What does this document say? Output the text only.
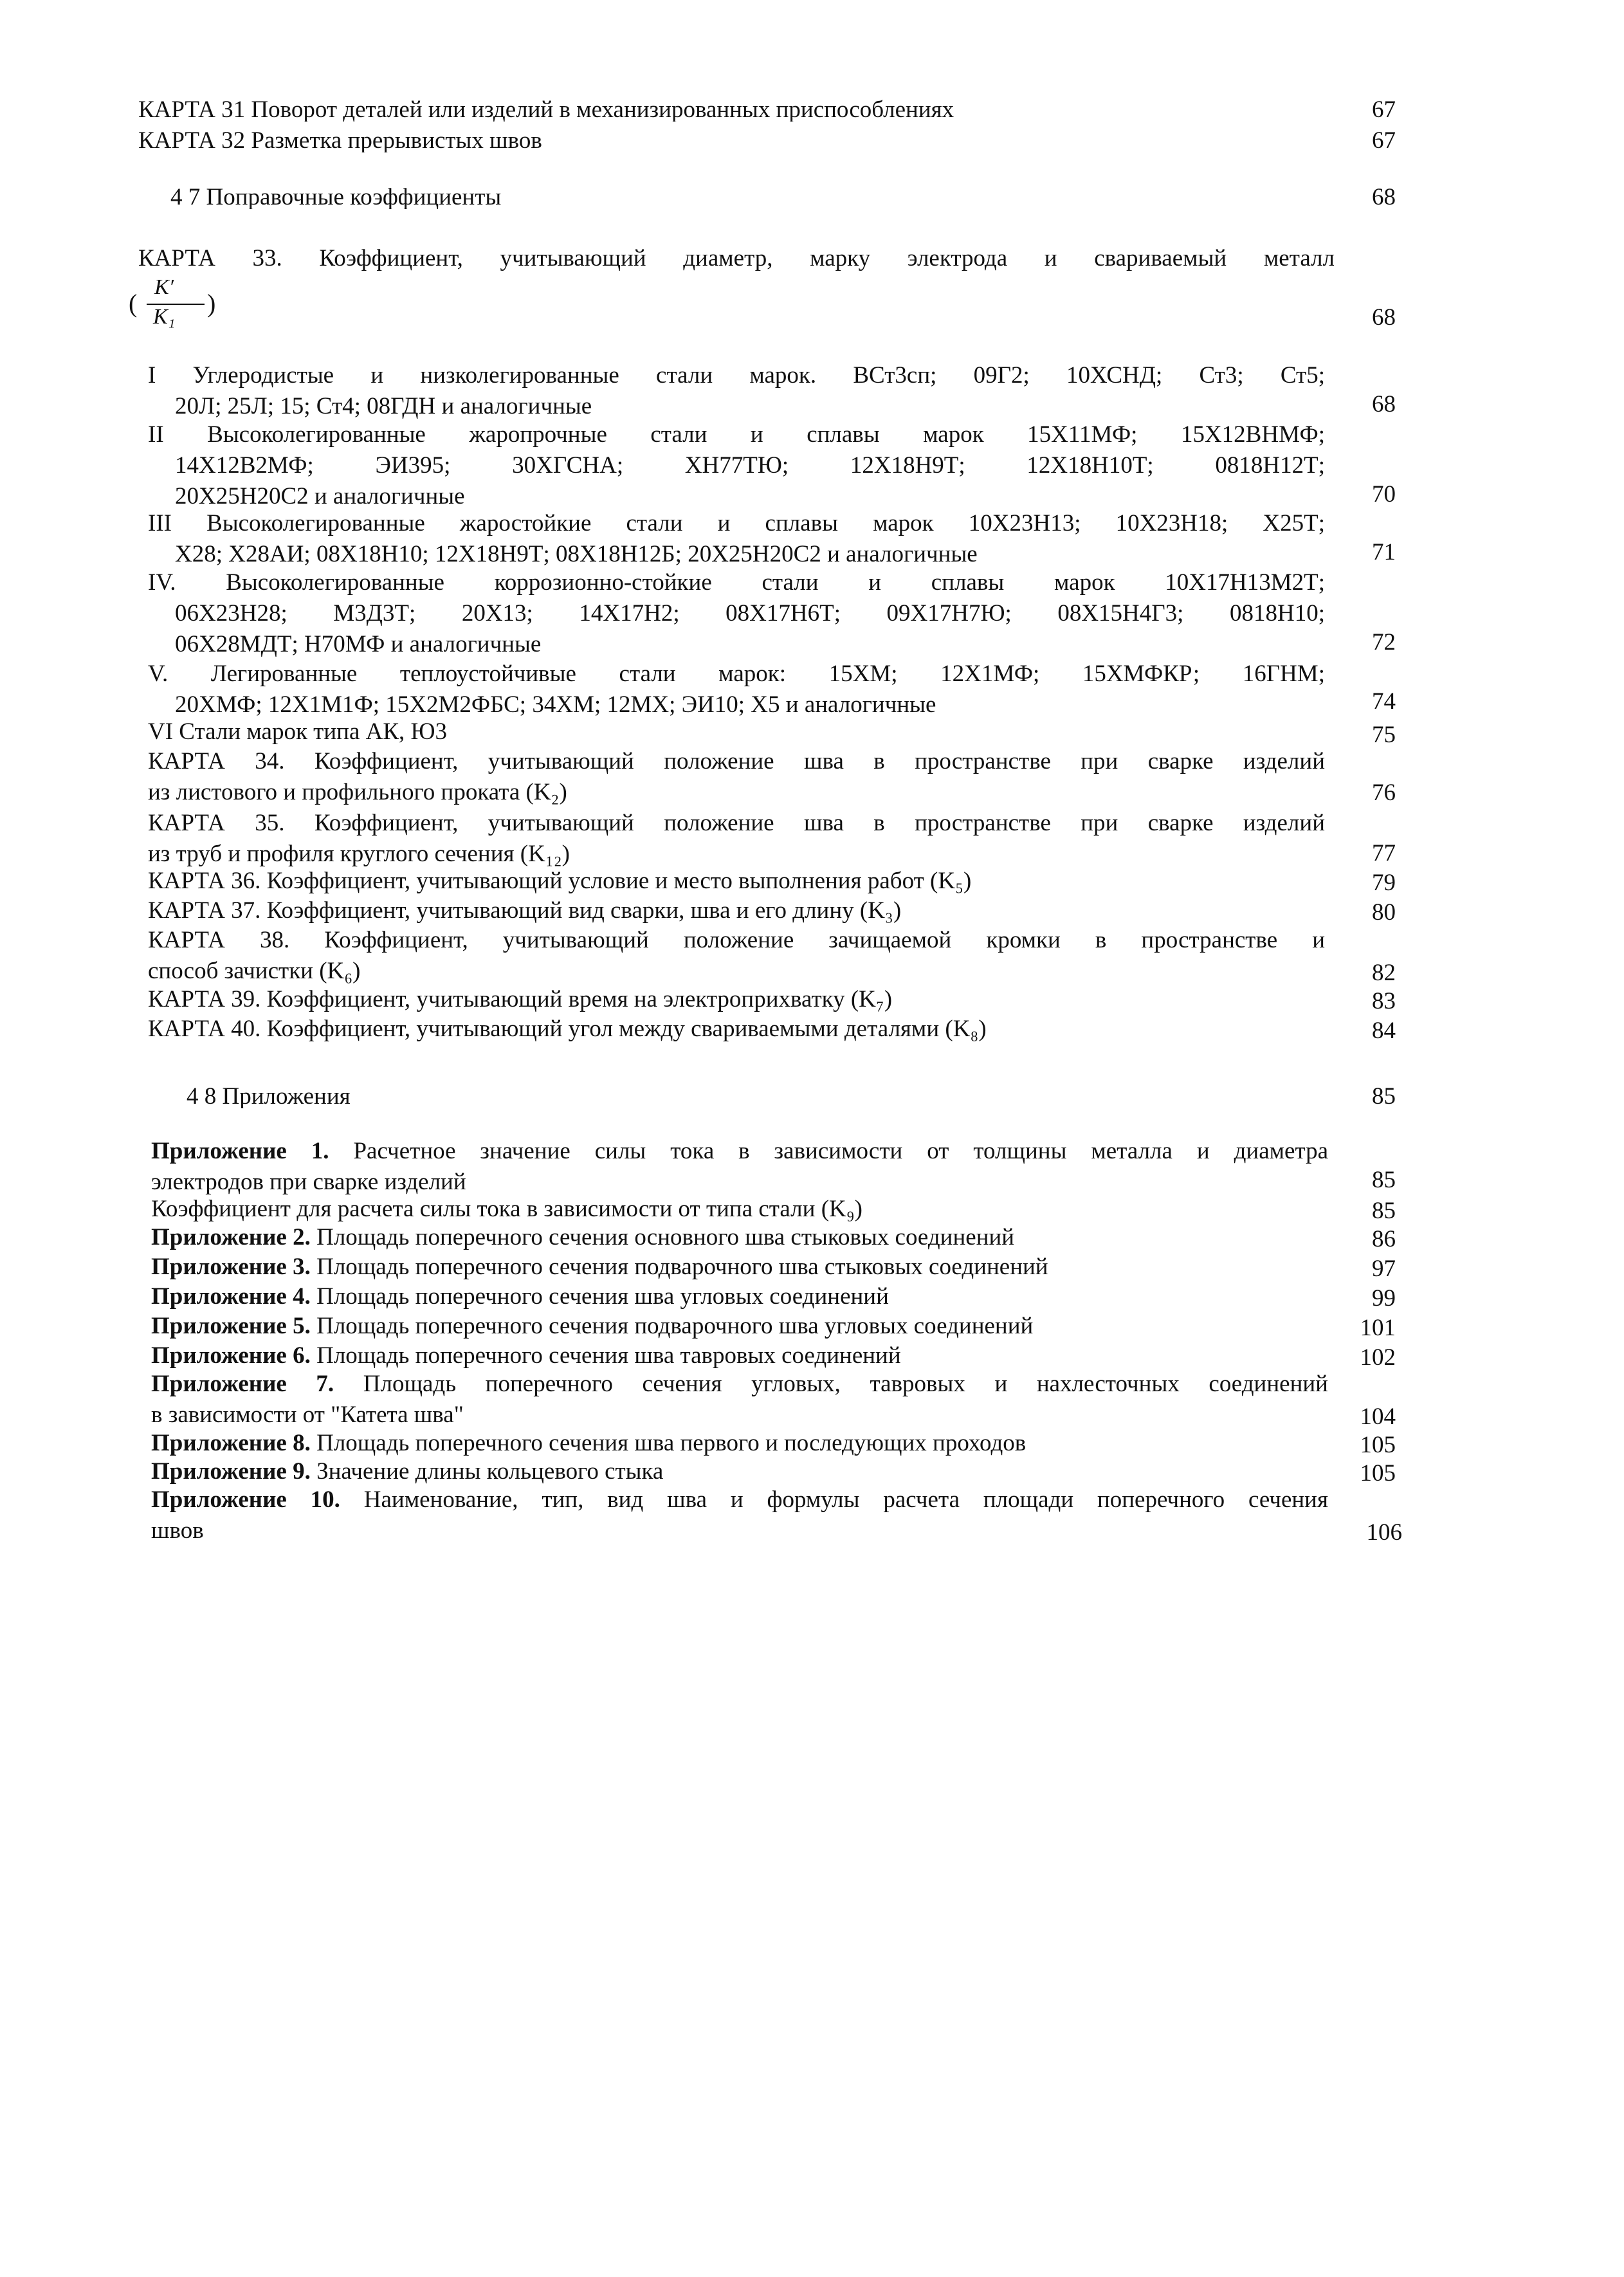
КАРТА 31 Поворот деталей или изделий в механизированных приспособлениях	67
КАРТА 32 Разметка прерывистых швов	67
4 7 Поправочные коэффициенты	68
КАРТА 33. Коэффициент, учитывающий диаметр, марку электрода и свариваемый металл
(
K′
K₁ )	68
I Углеродистые и низколегированные стали марок. ВСт3сп; 09Г2; 10ХСНД; Ст3; Ст5;
20Л; 25Л; 15; Ст4; 08ГДН и аналогичные	68
II Высоколегированные жаропрочные стали и сплавы марок 15Х11МФ; 15Х12ВНМФ;
14Х12В2МФ; ЭИ395; 30ХГСНА; ХН77ТЮ; 12Х18Н9Т; 12Х18Н10Т; 0818Н12Т;
20Х25Н20С2 и аналогичные	70
III Высоколегированные жаростойкие стали и сплавы марок 10Х23Н13; 10Х23Н18; Х25Т;
Х28; Х28АИ; 08Х18Н10; 12Х18Н9Т; 08Х18Н12Б; 20Х25Н20С2 и аналогичные	71
IV. Высоколегированные коррозионно-стойкие стали и сплавы марок 10Х17Н13М2Т;
06Х23Н28; М3Д3Т; 20Х13; 14Х17Н2; 08Х17Н6Т; 09Х17Н7Ю; 08Х15Н4Г3; 0818Н10;
06Х28МДТ; Н70МФ и аналогичные	72
V. Легированные теплоустойчивые стали марок: 15ХМ; 12Х1МФ; 15ХМФКР; 16ГНМ;
20ХМФ; 12Х1М1Ф; 15Х2М2ФБС; 34ХМ; 12МХ; ЭИ10; Х5 и аналогичные	74
VI Стали марок типа АК, Ю3	75
КАРТА 34. Коэффициент, учитывающий положение шва в пространстве при сварке изделий
из листового и профильного проката (K₂)	76
КАРТА 35. Коэффициент, учитывающий положение шва в пространстве при сварке изделий
из труб и профиля круглого сечения (K₁₂)	77
КАРТА 36. Коэффициент, учитывающий условие и место выполнения работ (K₅)	79
КАРТА 37. Коэффициент, учитывающий вид сварки, шва и его длину (K₃)	80
КАРТА 38. Коэффициент, учитывающий положение зачищаемой кромки в пространстве и
способ зачистки (K₆)	82
КАРТА 39. Коэффициент, учитывающий время на электроприхватку (K₇)	83
КАРТА 40. Коэффициент, учитывающий угол между свариваемыми деталями (K₈)	84
4 8 Приложения	85
Приложение 1. Расчетное значение силы тока в зависимости от толщины металла и диаметра
электродов при сварке изделий	85
Коэффициент для расчета силы тока в зависимости от типа стали (K₉)	85
Приложение 2. Площадь поперечного сечения основного шва стыковых соединений	86
Приложение 3. Площадь поперечного сечения подварочного шва стыковых соединений	97
Приложение 4. Площадь поперечного сечения шва угловых соединений	99
Приложение 5. Площадь поперечного сечения подварочного шва угловых соединений	101
Приложение 6. Площадь поперечного сечения шва тавровых соединений	102
Приложение 7. Площадь поперечного сечения угловых, тавровых и нахлесточных соединений
в зависимости от "Катета шва"	104
Приложение 8. Площадь поперечного сечения шва первого и последующих проходов	105
Приложение 9. Значение длины кольцевого стыка	105
Приложение 10. Наименование, тип, вид шва и формулы расчета площади поперечного сечения
швов	106
